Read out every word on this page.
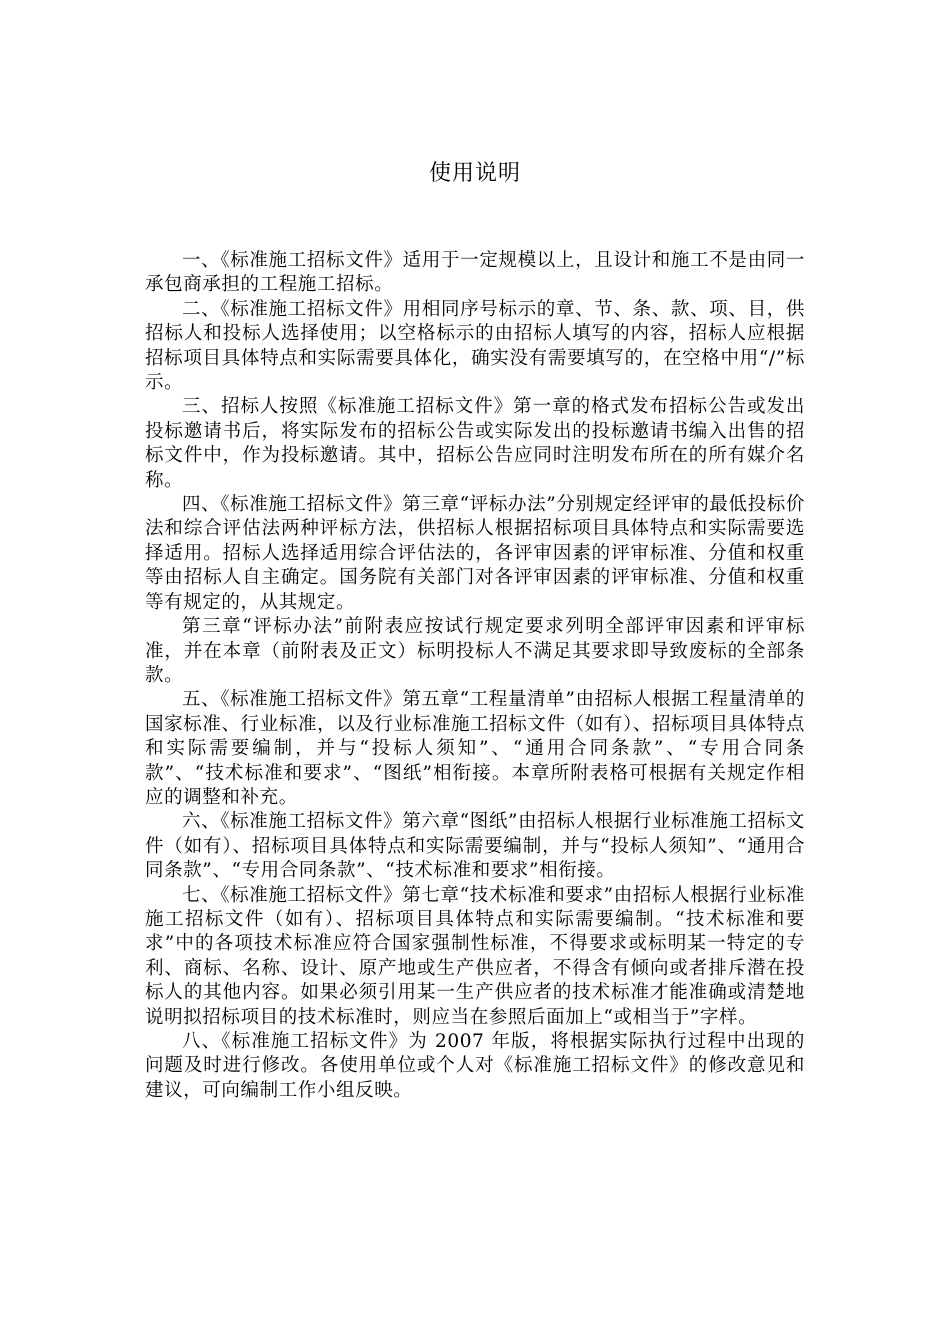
使用说明

一、《标准施工招标文件》适用于一定规模以上，且设计和施工不是由同一承包商承担的工程施工招标。

二、《标准施工招标文件》用相同序号标示的章、节、条、款、项、目，供招标人和投标人选择使用；以空格标示的由招标人填写的内容，招标人应根据招标项目具体特点和实际需要具体化，确实没有需要填写的，在空格中用“/”标示。

三、招标人按照《标准施工招标文件》第一章的格式发布招标公告或发出投标邀请书后，将实际发布的招标公告或实际发出的投标邀请书编入出售的招标文件中，作为投标邀请。其中，招标公告应同时注明发布所在的所有媒介名称。

四、《标准施工招标文件》第三章“评标办法”分别规定经评审的最低投标价法和综合评估法两种评标方法，供招标人根据招标项目具体特点和实际需要选择适用。招标人选择适用综合评估法的，各评审因素的评审标准、分值和权重等由招标人自主确定。国务院有关部门对各评审因素的评审标准、分值和权重等有规定的，从其规定。

第三章“评标办法”前附表应按试行规定要求列明全部评审因素和评审标准，并在本章（前附表及正文）标明投标人不满足其要求即导致废标的全部条款。

五、《标准施工招标文件》第五章“工程量清单”由招标人根据工程量清单的国家标准、行业标准，以及行业标准施工招标文件（如有）、招标项目具体特点和实际需要编制，并与“投标人须知”、“通用合同条款”、“专用合同条款”、“技术标准和要求”、“图纸”相衔接。本章所附表格可根据有关规定作相应的调整和补充。

六、《标准施工招标文件》第六章“图纸”由招标人根据行业标准施工招标文件（如有）、招标项目具体特点和实际需要编制，并与“投标人须知”、“通用合同条款”、“专用合同条款”、“技术标准和要求”相衔接。

七、《标准施工招标文件》第七章“技术标准和要求”由招标人根据行业标准施工招标文件（如有）、招标项目具体特点和实际需要编制。“技术标准和要求”中的各项技术标准应符合国家强制性标准，不得要求或标明某一特定的专利、商标、名称、设计、原产地或生产供应者，不得含有倾向或者排斥潜在投标人的其他内容。如果必须引用某一生产供应者的技术标准才能准确或清楚地说明拟招标项目的技术标准时，则应当在参照后面加上“或相当于”字样。

八、《标准施工招标文件》为 2007 年版，将根据实际执行过程中出现的问题及时进行修改。各使用单位或个人对《标准施工招标文件》的修改意见和建议，可向编制工作小组反映。
